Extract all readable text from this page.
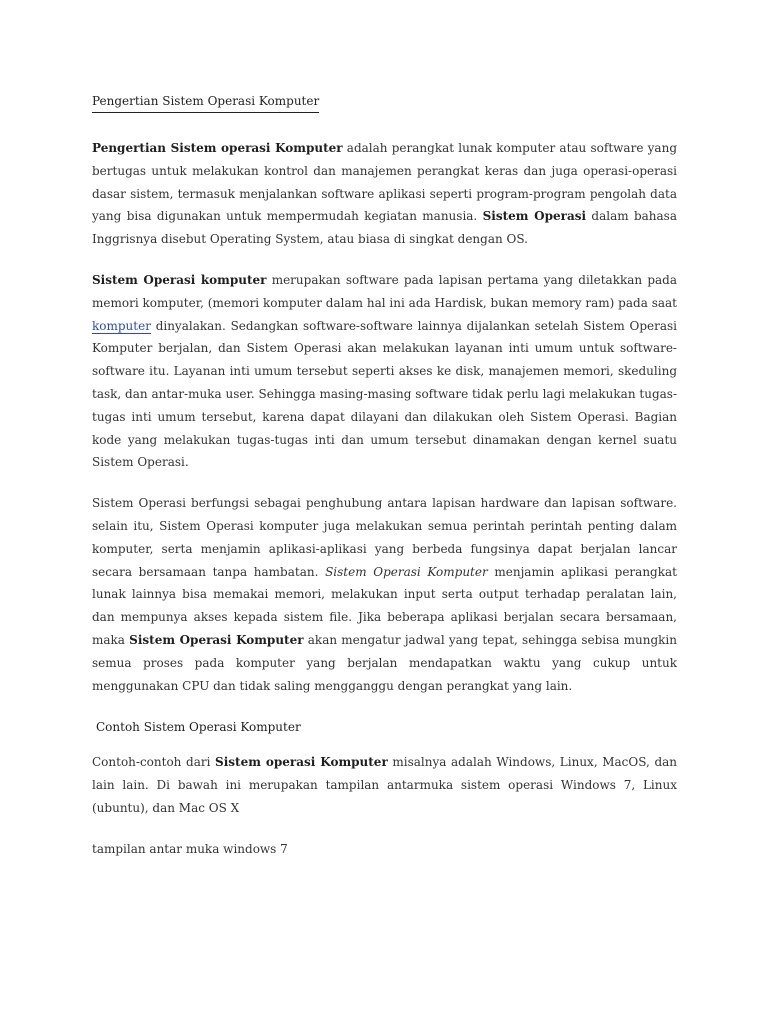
Pengertian Sistem Operasi Komputer

Pengertian Sistem operasi Komputer adalah perangkat lunak komputer atau software yang bertugas untuk melakukan kontrol dan manajemen perangkat keras dan juga operasi-operasi dasar sistem, termasuk menjalankan software aplikasi seperti program-program pengolah data yang bisa digunakan untuk mempermudah kegiatan manusia. Sistem Operasi dalam bahasa Inggrisnya disebut Operating System, atau biasa di singkat dengan OS.

Sistem Operasi komputer merupakan software pada lapisan pertama yang diletakkan pada memori komputer, (memori komputer dalam hal ini ada Hardisk, bukan memory ram) pada saat komputer dinyalakan. Sedangkan software-software lainnya dijalankan setelah Sistem Operasi Komputer berjalan, dan Sistem Operasi akan melakukan layanan inti umum untuk software-software itu. Layanan inti umum tersebut seperti akses ke disk, manajemen memori, skeduling task, dan antar-muka user. Sehingga masing-masing software tidak perlu lagi melakukan tugas-tugas inti umum tersebut, karena dapat dilayani dan dilakukan oleh Sistem Operasi. Bagian kode yang melakukan tugas-tugas inti dan umum tersebut dinamakan dengan kernel suatu Sistem Operasi.

Sistem Operasi berfungsi sebagai penghubung antara lapisan hardware dan lapisan software. selain itu, Sistem Operasi komputer juga melakukan semua perintah perintah penting dalam komputer, serta menjamin aplikasi-aplikasi yang berbeda fungsinya dapat berjalan lancar secara bersamaan tanpa hambatan. Sistem Operasi Komputer menjamin aplikasi perangkat lunak lainnya bisa memakai memori, melakukan input serta output terhadap peralatan lain, dan mempunya akses kepada sistem file. Jika beberapa aplikasi berjalan secara bersamaan, maka Sistem Operasi Komputer akan mengatur jadwal yang tepat, sehingga sebisa mungkin semua proses pada komputer yang berjalan mendapatkan waktu yang cukup untuk menggunakan CPU dan tidak saling mengganggu dengan perangkat yang lain.

Contoh Sistem Operasi Komputer

Contoh-contoh dari Sistem operasi Komputer misalnya adalah Windows, Linux, MacOS, dan lain lain. Di bawah ini merupakan tampilan antarmuka sistem operasi Windows 7, Linux (ubuntu), dan Mac OS X

tampilan antar muka windows 7
